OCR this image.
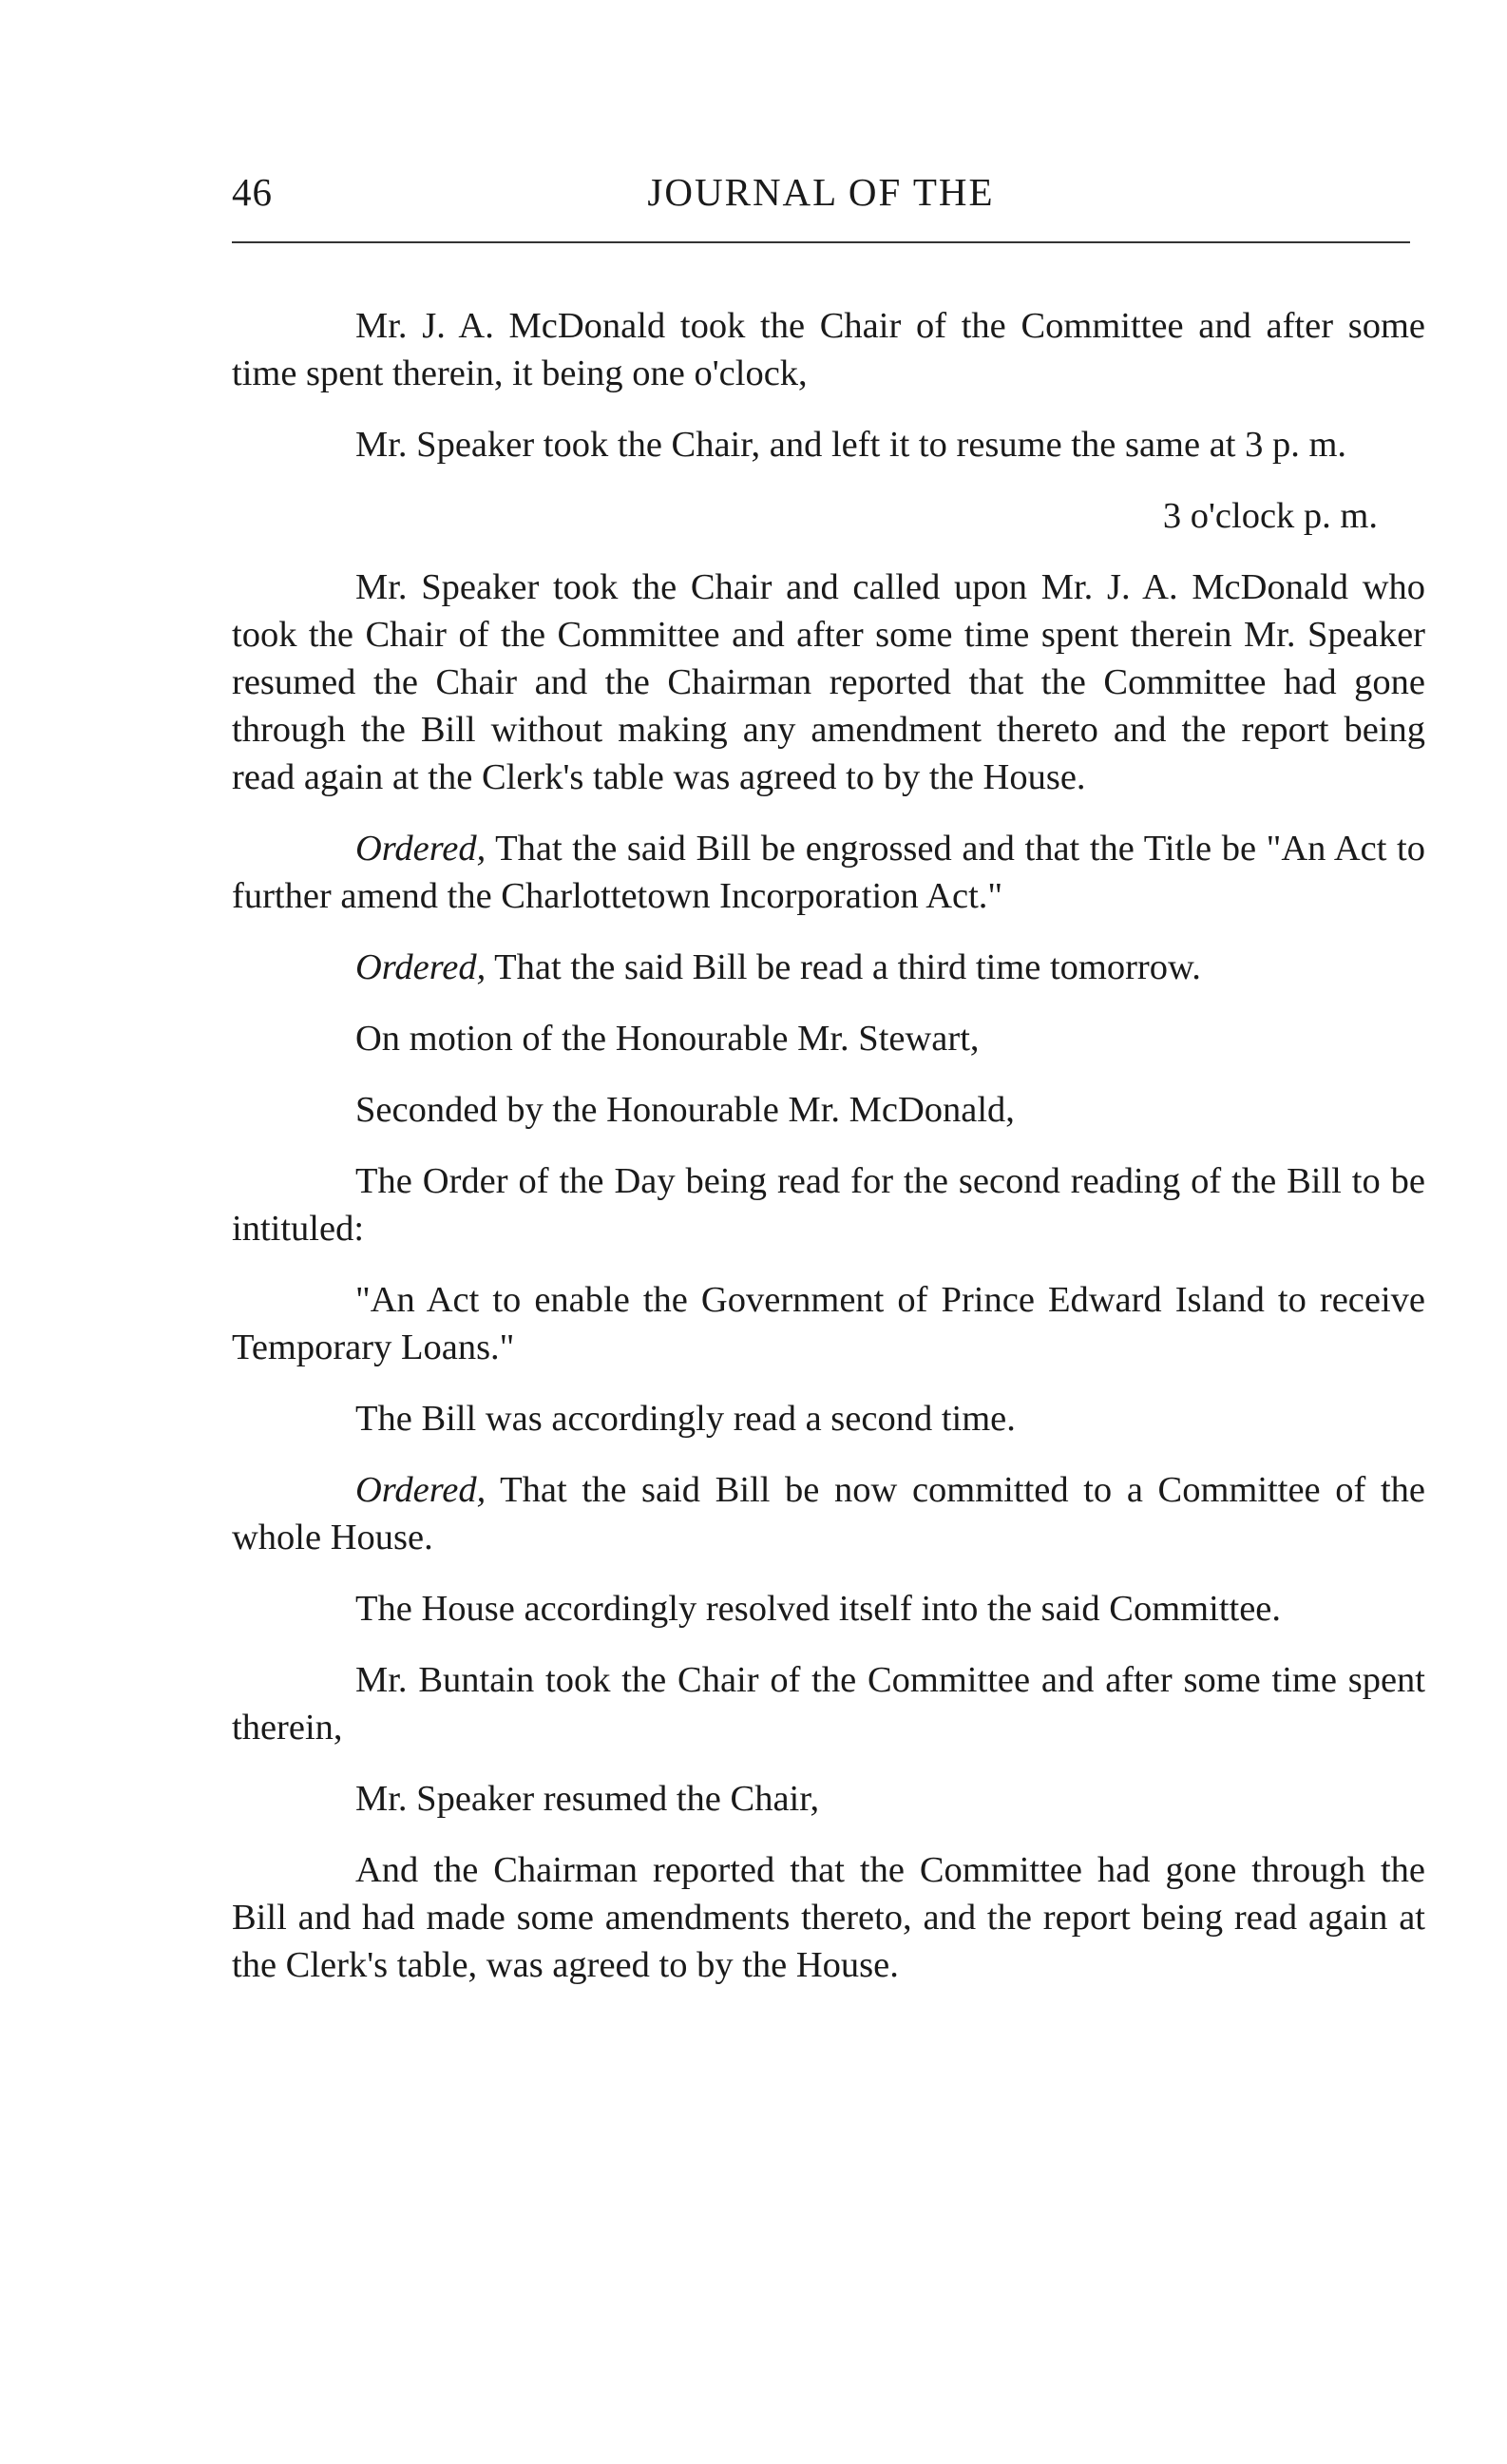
46	JOURNAL OF THE

Mr. J. A. McDonald took the Chair of the Committee and after some time spent therein, it being one o'clock,

Mr. Speaker took the Chair, and left it to resume the same at 3 p. m.

3 o'clock p. m.

Mr. Speaker took the Chair and called upon Mr. J. A. McDonald who took the Chair of the Committee and after some time spent therein Mr. Speaker resumed the Chair and the Chairman reported that the Committee had gone through the Bill without making any amendment thereto and the report being read again at the Clerk's table was agreed to by the House.

Ordered, That the said Bill be engrossed and that the Title be "An Act to further amend the Charlottetown Incorporation Act."

Ordered, That the said Bill be read a third time tomorrow.

On motion of the Honourable Mr. Stewart,

Seconded by the Honourable Mr. McDonald,

The Order of the Day being read for the second reading of the Bill to be intituled:

"An Act to enable the Government of Prince Edward Island to receive Temporary Loans."

The Bill was accordingly read a second time.

Ordered, That the said Bill be now committed to a Committee of the whole House.

The House accordingly resolved itself into the said Committee.

Mr. Buntain took the Chair of the Committee and after some time spent therein,

Mr. Speaker resumed the Chair,

And the Chairman reported that the Committee had gone through the Bill and had made some amendments thereto, and the report being read again at the Clerk's table, was agreed to by the House.
